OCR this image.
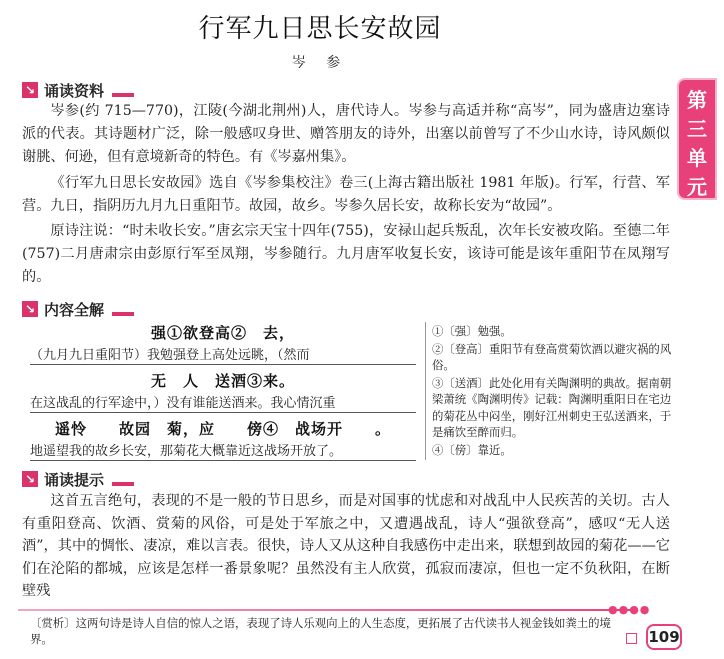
行军九日思长安故园
岑 参
第
三
单
元
↘ 诵读资料

岑参(约 715—770)，江陵(今湖北荆州)人，唐代诗人。岑参与高适并称“高岑”，同为盛唐边塞诗派的代表。其诗题材广泛，除一般感叹身世、赠答朋友的诗外，出塞以前曾写了不少山水诗，诗风颇似谢朓、何逊，但有意境新奇的特色。有《岑嘉州集》。

《行军九日思长安故园》选自《岑参集校注》卷三(上海古籍出版社 1981 年版)。行军，行营、军营。九日，指阴历九月九日重阳节。故园，故乡。岑参久居长安，故称长安为“故园”。

原诗注说：“时未收长安。”唐玄宗天宝十四年(755)，安禄山起兵叛乱，次年长安被攻陷。至德二年(757)二月唐肃宗由彭原行军至凤翔，岑参随行。九月唐军收复长安，该诗可能是该年重阳节在凤翔写的。

↘ 内容全解
强①欲登高②　去，
（九月九日重阳节）我勉强登上高处远眺，（然而
无　人　送酒③来。
在这战乱的行军途中，）没有谁能送酒来。我心情沉重
遥怜　　故园　菊，应　　傍④　战场开　　。
地遥望我的故乡长安，那菊花大概靠近这战场开放了。
①〔强〕勉强。
②〔登高〕重阳节有登高赏菊饮酒以避灾祸的风俗。
③〔送酒〕此处化用有关陶渊明的典故。据南朝梁萧统《陶渊明传》记载：陶渊明重阳日在宅边的菊花丛中闷坐，刚好江州刺史王弘送酒来，于是痛饮至醉而归。
④〔傍〕靠近。
↘ 诵读提示

这首五言绝句，表现的不是一般的节日思乡，而是对国事的忧虑和对战乱中人民疾苦的关切。古人有重阳登高、饮酒、赏菊的风俗，可是处于军旅之中，又遭遇战乱，诗人“强欲登高”，感叹“无人送酒”，其中的惆怅、凄凉，难以言表。很快，诗人又从这种自我感伤中走出来，联想到故园的菊花——它们在沦陷的都城，应该是怎样一番景象呢？虽然没有主人欣赏，孤寂而凄凉，但也一定不负秋阳，在断壁残

●●●●
〔赏析〕这两句诗是诗人自信的惊人之语，表现了诗人乐观向上的人生态度，更拓展了古代读书人视金钱如粪土的境界。	109
